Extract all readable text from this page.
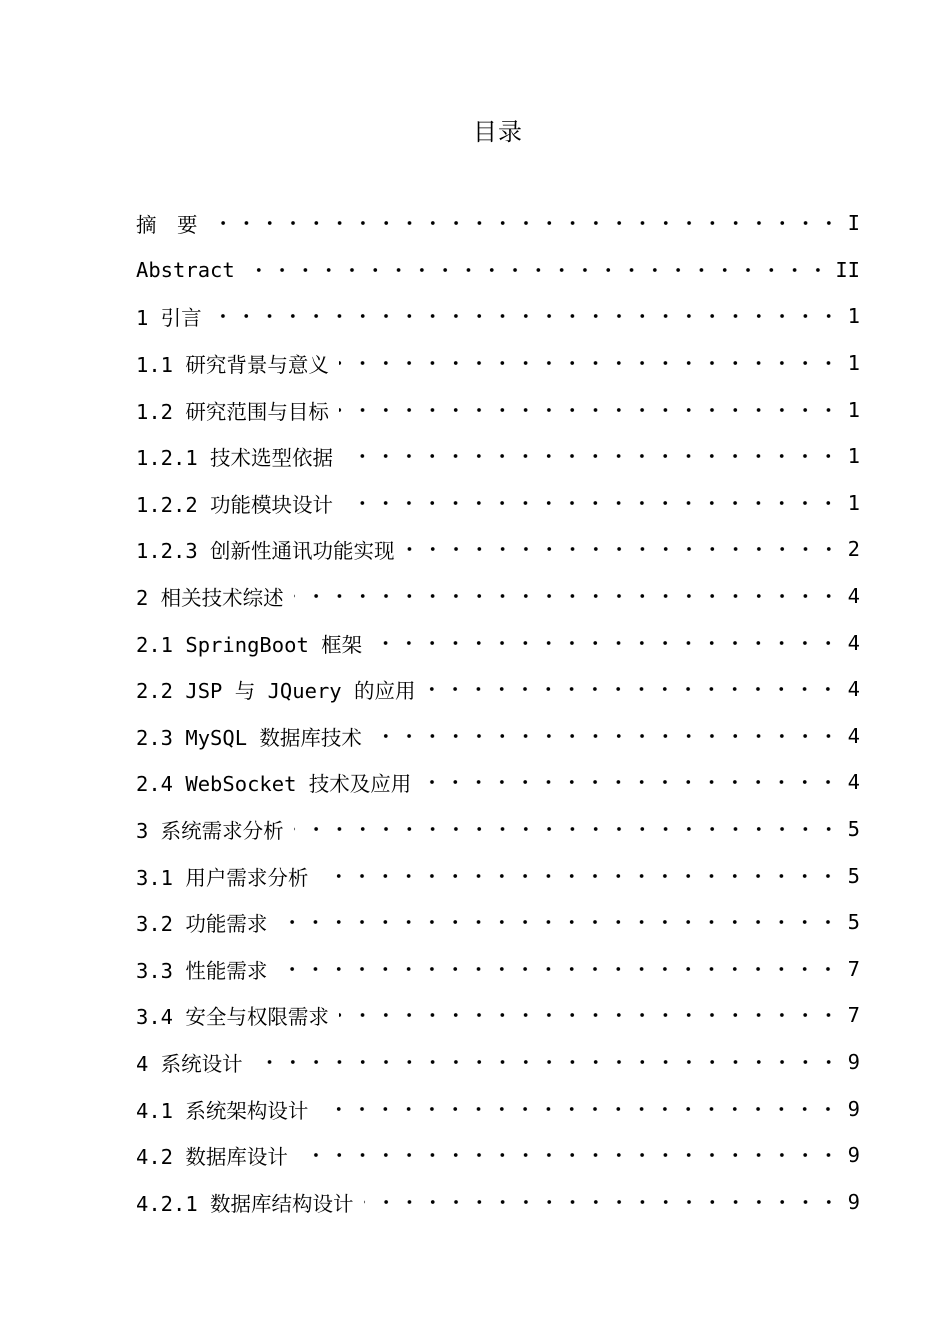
目录
摘　要	I
Abstract	II
1 引言	1
1.1 研究背景与意义	1
1.2 研究范围与目标	1
1.2.1 技术选型依据	1
1.2.2 功能模块设计	1
1.2.3 创新性通讯功能实现	2
2 相关技术综述	4
2.1 SpringBoot 框架	4
2.2 JSP 与 JQuery 的应用	4
2.3 MySQL 数据库技术	4
2.4 WebSocket 技术及应用	4
3 系统需求分析	5
3.1 用户需求分析	5
3.2 功能需求	5
3.3 性能需求	7
3.4 安全与权限需求	7
4 系统设计	9
4.1 系统架构设计	9
4.2 数据库设计	9
4.2.1 数据库结构设计	9
